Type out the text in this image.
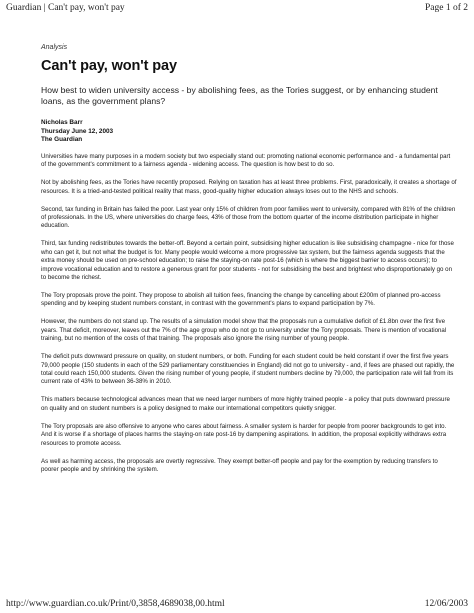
Guardian | Can't pay, won't pay	Page 1 of 2
Analysis
Can't pay, won't pay
How best to widen university access - by abolishing fees, as the Tories suggest, or by enhancing student loans, as the government plans?
Nicholas Barr
Thursday June 12, 2003
The Guardian
Universities have many purposes in a modern society but two especially stand out: promoting national economic performance and - a fundamental part of the government's commitment to a fairness agenda - widening access. The question is how best to do so.
Not by abolishing fees, as the Tories have recently proposed. Relying on taxation has at least three problems. First, paradoxically, it creates a shortage of resources. It is a tried-and-tested political reality that mass, good-quality higher education always loses out to the NHS and schools.
Second, tax funding in Britain has failed the poor. Last year only 15% of children from poor families went to university, compared with 81% of the children of professionals. In the US, where universities do charge fees, 43% of those from the bottom quarter of the income distribution participate in higher education.
Third, tax funding redistributes towards the better-off. Beyond a certain point, subsidising higher education is like subsidising champagne - nice for those who can get it, but not what the budget is for. Many people would welcome a more progressive tax system, but the fairness agenda suggests that the extra money should be used on pre-school education; to raise the staying-on rate post-16 (which is where the biggest barrier to access occurs); to improve vocational education and to restore a generous grant for poor students - not for subsidising the best and brightest who disproportionately go on to become the richest.
The Tory proposals prove the point. They propose to abolish all tuition fees, financing the change by cancelling about £200m of planned pro-access spending and by keeping student numbers constant, in contrast with the government's plans to expand participation by 7%.
However, the numbers do not stand up. The results of a simulation model show that the proposals run a cumulative deficit of £1.8bn over the first five years. That deficit, moreover, leaves out the 7% of the age group who do not go to university under the Tory proposals. There is mention of vocational training, but no mention of the costs of that training. The proposals also ignore the rising number of young people.
The deficit puts downward pressure on quality, on student numbers, or both. Funding for each student could be held constant if over the first five years 79,000 people (150 students in each of the 529 parliamentary constituencies in England) did not go to university - and, if fees are phased out rapidly, the total could reach 150,000 students. Given the rising number of young people, if student numbers decline by 79,000, the participation rate will fall from its current rate of 43% to between 36-38% in 2010.
This matters because technological advances mean that we need larger numbers of more highly trained people - a policy that puts downward pressure on quality and on student numbers is a policy designed to make our international competitors quietly snigger.
The Tory proposals are also offensive to anyone who cares about fairness. A smaller system is harder for people from poorer backgrounds to get into. And it is worse if a shortage of places harms the staying-on rate post-16 by dampening aspirations. In addition, the proposal explicitly withdraws extra resources to promote access.
As well as harming access, the proposals are overtly regressive. They exempt better-off people and pay for the exemption by reducing transfers to poorer people and by shrinking the system.
http://www.guardian.co.uk/Print/0,3858,4689038,00.html	12/06/2003
